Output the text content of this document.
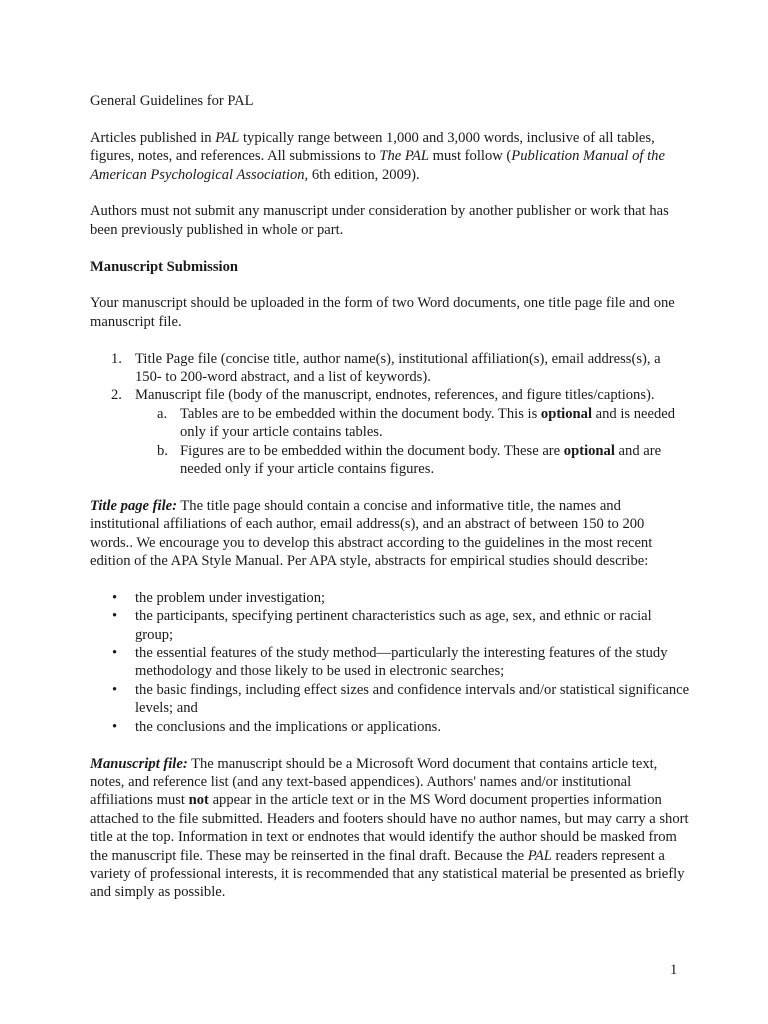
General Guidelines for PAL

Articles published in PAL typically range between 1,000 and 3,000 words, inclusive of all tables, figures, notes, and references. All submissions to The PAL must follow (Publication Manual of the American Psychological Association, 6th edition, 2009).

Authors must not submit any manuscript under consideration by another publisher or work that has been previously published in whole or part.

Manuscript Submission

Your manuscript should be uploaded in the form of two Word documents, one title page file and one manuscript file.

1. Title Page file (concise title, author name(s), institutional affiliation(s), email address(s), a 150- to 200-word abstract, and a list of keywords).
2. Manuscript file (body of the manuscript, endnotes, references, and figure titles/captions).
a. Tables are to be embedded within the document body. This is optional and is needed only if your article contains tables.
b. Figures are to be embedded within the document body. These are optional and are needed only if your article contains figures.

Title page file: The title page should contain a concise and informative title, the names and institutional affiliations of each author, email address(s), and an abstract of between 150 to 200 words.. We encourage you to develop this abstract according to the guidelines in the most recent edition of the APA Style Manual. Per APA style, abstracts for empirical studies should describe:

• the problem under investigation;
• the participants, specifying pertinent characteristics such as age, sex, and ethnic or racial group;
• the essential features of the study method—particularly the interesting features of the study methodology and those likely to be used in electronic searches;
• the basic findings, including effect sizes and confidence intervals and/or statistical significance levels; and
• the conclusions and the implications or applications.

Manuscript file: The manuscript should be a Microsoft Word document that contains article text, notes, and reference list (and any text-based appendices). Authors' names and/or institutional affiliations must not appear in the article text or in the MS Word document properties information attached to the file submitted. Headers and footers should have no author names, but may carry a short title at the top. Information in text or endnotes that would identify the author should be masked from the manuscript file. These may be reinserted in the final draft. Because the PAL readers represent a variety of professional interests, it is recommended that any statistical material be presented as briefly and simply as possible.

1
